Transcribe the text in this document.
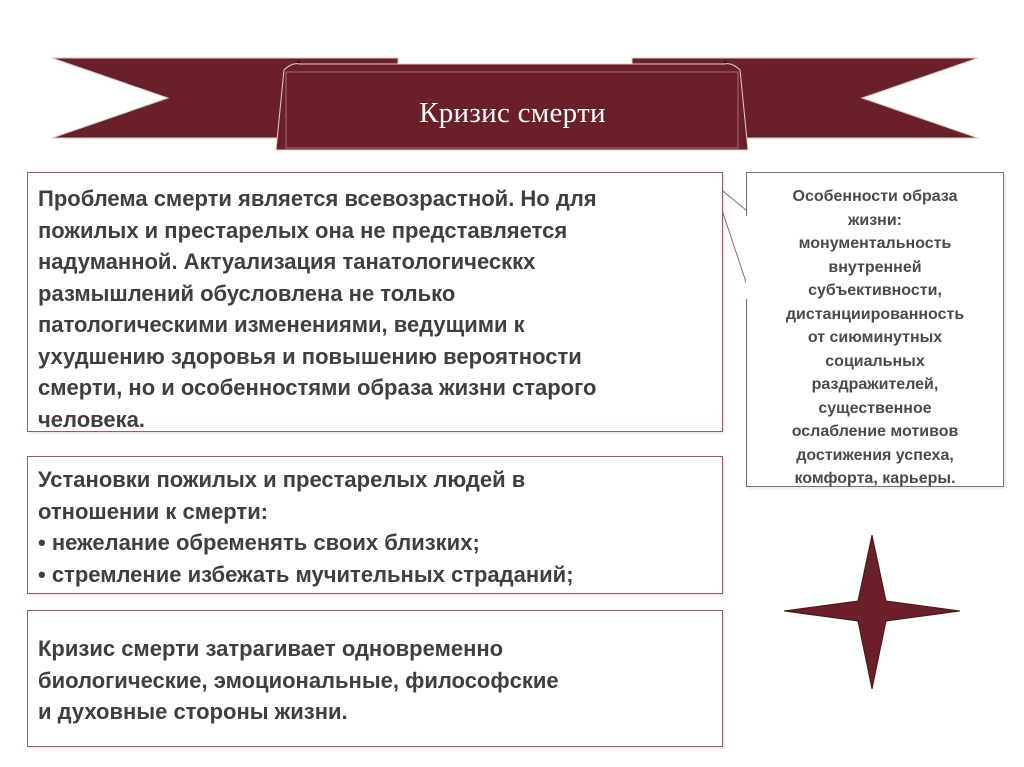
Кризис смерти
Проблема смерти является всевозрастной. Но для
пожилых и престарелых она не представляется
надуманной. Актуализация танатологическкх
размышлений обусловлена не только
патологическими изменениями, ведущими к
ухудшению здоровья и повышению вероятности
смерти, но и особенностями образа жизни старого
человека.
Установки пожилых и престарелых людей в
отношении к смерти:
• нежелание обременять своих близких;
• стремление избежать мучительных страданий;
Кризис смерти затрагивает одновременно
биологические, эмоциональные, философские
и духовные стороны жизни.
Особенности образа
жизни:
монументальность
внутренней
субъективности,
дистанциированность
от сиюминутных
социальных
раздражителей,
существенное
ослабление мотивов
достижения успеха,
комфорта, карьеры.
